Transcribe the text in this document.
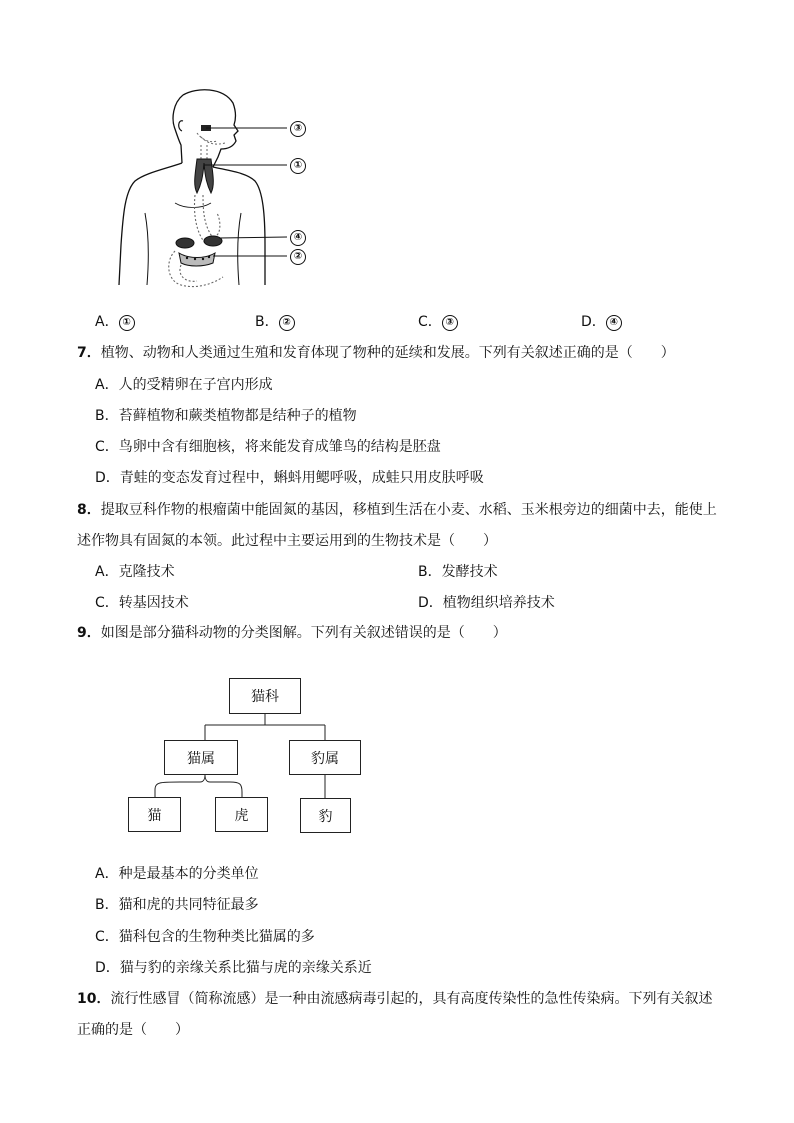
③
①
④
②
A． ①	B． ②	C． ③	D． ④
7．植物、动物和人类通过生殖和发育体现了物种的延续和发展。下列有关叙述正确的是（　　）
A．人的受精卵在子宫内形成
B．苔藓植物和蕨类植物都是结种子的植物
C．鸟卵中含有细胞核，将来能发育成雏鸟的结构是胚盘
D．青蛙的变态发育过程中，蝌蚪用鳃呼吸，成蛙只用皮肤呼吸
8．提取豆科作物的根瘤菌中能固氮的基因，移植到生活在小麦、水稻、玉米根旁边的细菌中去，能使上
述作物具有固氮的本领。此过程中主要运用到的生物技术是（　　）
A．克隆技术	B．发酵技术
C．转基因技术	D．植物组织培养技术
9．如图是部分猫科动物的分类图解。下列有关叙述错误的是（　　）
猫科
猫属	豹属
猫	虎	豹
A．种是最基本的分类单位
B．猫和虎的共同特征最多
C．猫科包含的生物种类比猫属的多
D．猫与豹的亲缘关系比猫与虎的亲缘关系近
10．流行性感冒（简称流感）是一种由流感病毒引起的，具有高度传染性的急性传染病。下列有关叙述
正确的是（　　）
